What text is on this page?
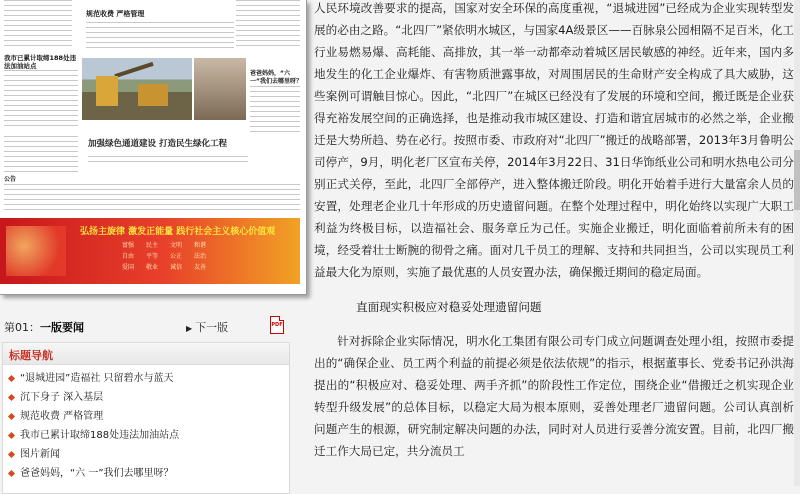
规范收费 严格管理
我市已累计取缔188处违法加油站点
爸爸妈妈，“六一”我们去哪里呀？
加强绿色通道建设 打造民生绿化工程
公告
弘扬主旋律 激发正能量 践行社会主义核心价值观
富强	民主	文明	和谐
自由	平等	公正	法治
爱国	敬业	诚信	友善
第01：一版要闻	▶ 下一版	PDF
标题导航
“退城进园”造福社 只留碧水与蓝天
沉下身子 深入基层
规范收费 严格管理
我市已累计取缔188处违法加油站点
图片新闻
爸爸妈妈，“六 一”我们去哪里呀？

人民环境改善要求的提高，国家对安全环保的高度重视，“退城进园”已经成为企业实现转型发展的必由之路。“北四厂”紧依明水城区，与国家4A级景区——百脉泉公园相隔不足百米，化工行业易燃易爆、高耗能、高排放，其一举一动都牵动着城区居民敏感的神经。近年来，国内多地发生的化工企业爆炸、有害物质泄露事故，对周围居民的生命财产安全构成了具大威胁，这些案例可谓触目惊心。因此，“北四厂”在城区已经没有了发展的环境和空间，搬迁既是企业获得充裕发展空间的正确选择，也是推动我市城区建设、打造和谐宜居城市的必然之举，企业搬迁是大势所趋、势在必行。按照市委、市政府对“北四厂”搬迁的战略部署，2013年3月鲁明公司停产，9月，明化老厂区宣布关停，2014年3月22日、31日华饰纸业公司和明水热电公司分别正式关停，至此，北四厂全部停产，进入整体搬迁阶段。明化开始着手进行大量富余人员的安置，处理老企业几十年形成的历史遗留问题。在整个处理过程中，明化始终以实现广大职工利益为终极目标，以造福社会、服务章丘为己任。实施企业搬迁，明化面临着前所未有的困境，经受着壮士断腕的彻骨之痛。面对几千员工的理解、支持和共同担当，公司以实现员工利益最大化为原则，实施了最优惠的人员安置办法，确保搬迁期间的稳定局面。

直面现实积极应对稳妥处理遗留问题

针对拆除企业实际情况，明水化工集团有限公司专门成立问题调查处理小组，按照市委提出的“确保企业、员工两个利益的前提必须是依法依规”的指示，根据董事长、党委书记孙洪海提出的“积极应对、稳妥处理、两手齐抓”的阶段性工作定位，围绕企业“借搬迁之机实现企业转型升级发展”的总体目标，以稳定大局为根本原则，妥善处理老厂遗留问题。公司认真剖析问题产生的根源，研究制定解决问题的办法，同时对人员进行妥善分流安置。目前，北四厂搬迁工作大局已定，共分流员工
